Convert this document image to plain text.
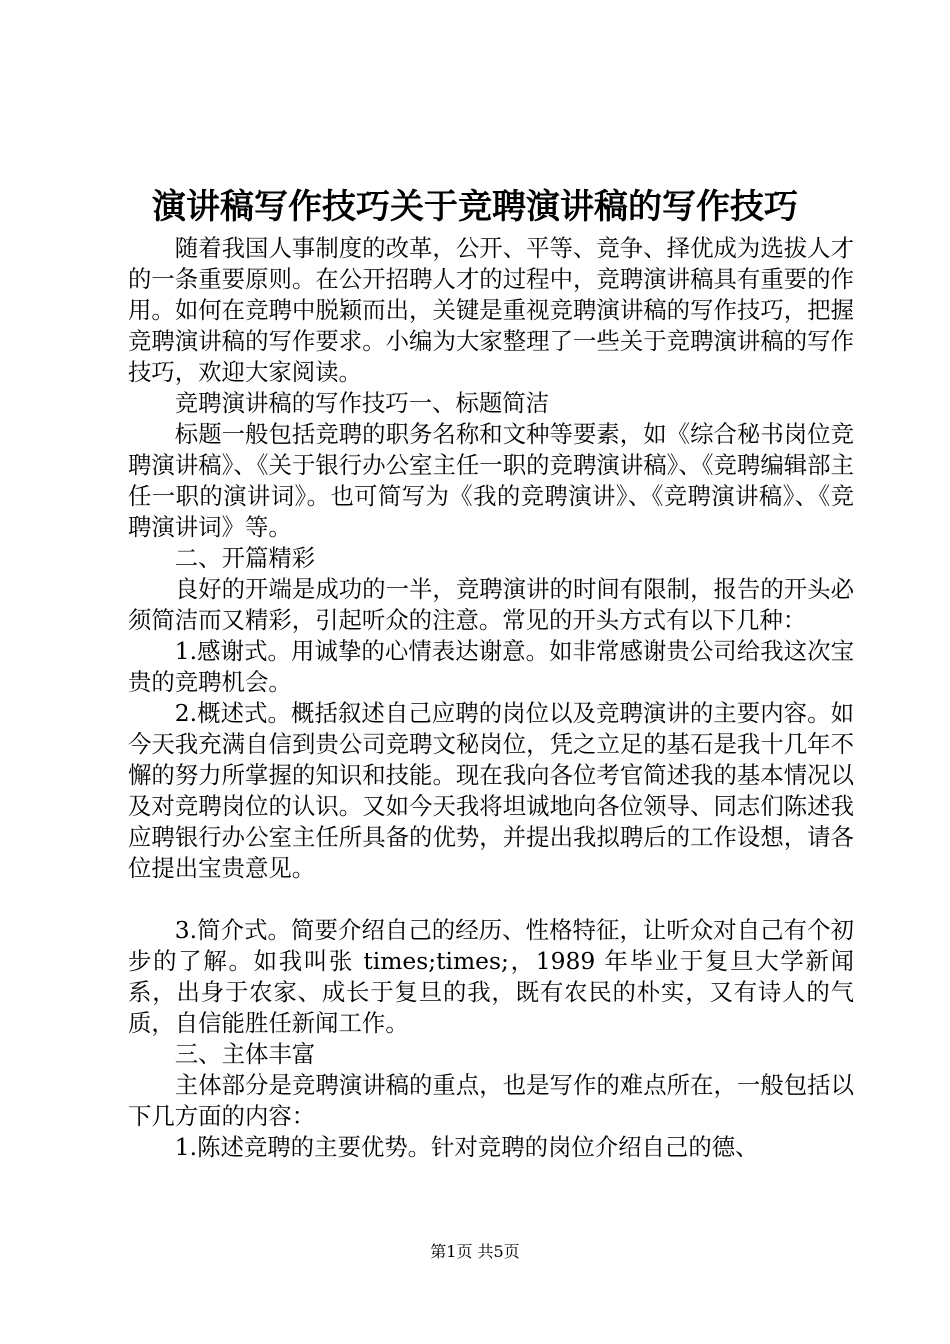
演讲稿写作技巧关于竞聘演讲稿的写作技巧

随着我国人事制度的改革，公开、平等、竞争、择优成为选拔人才的一条重要原则。在公开招聘人才的过程中，竞聘演讲稿具有重要的作用。如何在竞聘中脱颖而出，关键是重视竞聘演讲稿的写作技巧，把握竞聘演讲稿的写作要求。小编为大家整理了一些关于竞聘演讲稿的写作技巧，欢迎大家阅读。

竞聘演讲稿的写作技巧一、标题简洁

标题一般包括竞聘的职务名称和文种等要素，如《综合秘书岗位竞聘演讲稿》、《关于银行办公室主任一职的竞聘演讲稿》、《竞聘编辑部主任一职的演讲词》。也可简写为《我的竞聘演讲》、《竞聘演讲稿》、《竞聘演讲词》等。

二、开篇精彩

良好的开端是成功的一半，竞聘演讲的时间有限制，报告的开头必须简洁而又精彩，引起听众的注意。常见的开头方式有以下几种：

1.感谢式。用诚挚的心情表达谢意。如非常感谢贵公司给我这次宝贵的竞聘机会。

2.概述式。概括叙述自己应聘的岗位以及竞聘演讲的主要内容。如今天我充满自信到贵公司竞聘文秘岗位，凭之立足的基石是我十几年不懈的努力所掌握的知识和技能。现在我向各位考官简述我的基本情况以及对竞聘岗位的认识。又如今天我将坦诚地向各位领导、同志们陈述我应聘银行办公室主任所具备的优势，并提出我拟聘后的工作设想，请各位提出宝贵意见。

3.简介式。简要介绍自己的经历、性格特征，让听众对自己有个初步的了解。如我叫张 times;times;，1989 年毕业于复旦大学新闻系，出身于农家、成长于复旦的我，既有农民的朴实，又有诗人的气质，自信能胜任新闻工作。

三、主体丰富

主体部分是竞聘演讲稿的重点，也是写作的难点所在，一般包括以下几方面的内容：

1.陈述竞聘的主要优势。针对竞聘的岗位介绍自己的德、

第1页 共5页
